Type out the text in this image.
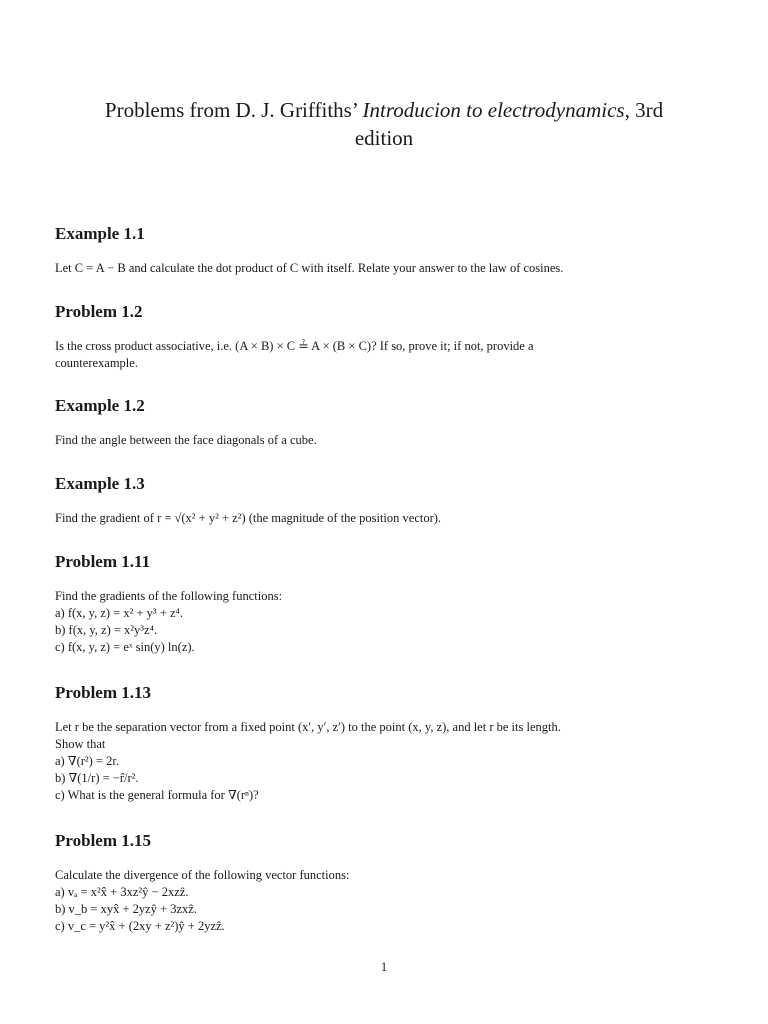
Problems from D. J. Griffiths’ Introducion to electrodynamics, 3rd
edition
Example 1.1
Let C = A − B and calculate the dot product of C with itself. Relate your answer to the law of cosines.
Problem 1.2
Is the cross product associative, i.e. (A × B) × C ≟ A × (B × C)? If so, prove it; if not, provide a
counterexample.
Example 1.2
Find the angle between the face diagonals of a cube.
Example 1.3
Find the gradient of r = √(x² + y² + z²) (the magnitude of the position vector).
Problem 1.11
Find the gradients of the following functions:
a) f(x, y, z) = x² + y³ + z⁴.
b) f(x, y, z) = x²y³z⁴.
c) f(x, y, z) = eˣ sin(y) ln(z).
Problem 1.13
Let r be the separation vector from a fixed point (x′, y′, z′) to the point (x, y, z), and let r be its length.
Show that
a) ∇(r²) = 2r.
b) ∇(1/r) = −r̂/r².
c) What is the general formula for ∇(rⁿ)?
Problem 1.15
Calculate the divergence of the following vector functions:
a) vₐ = x²x̂ + 3xz²ŷ − 2xzẑ.
b) v_b = xyx̂ + 2yzŷ + 3zxẑ.
c) v_c = y²x̂ + (2xy + z²)ŷ + 2yzẑ.
1
